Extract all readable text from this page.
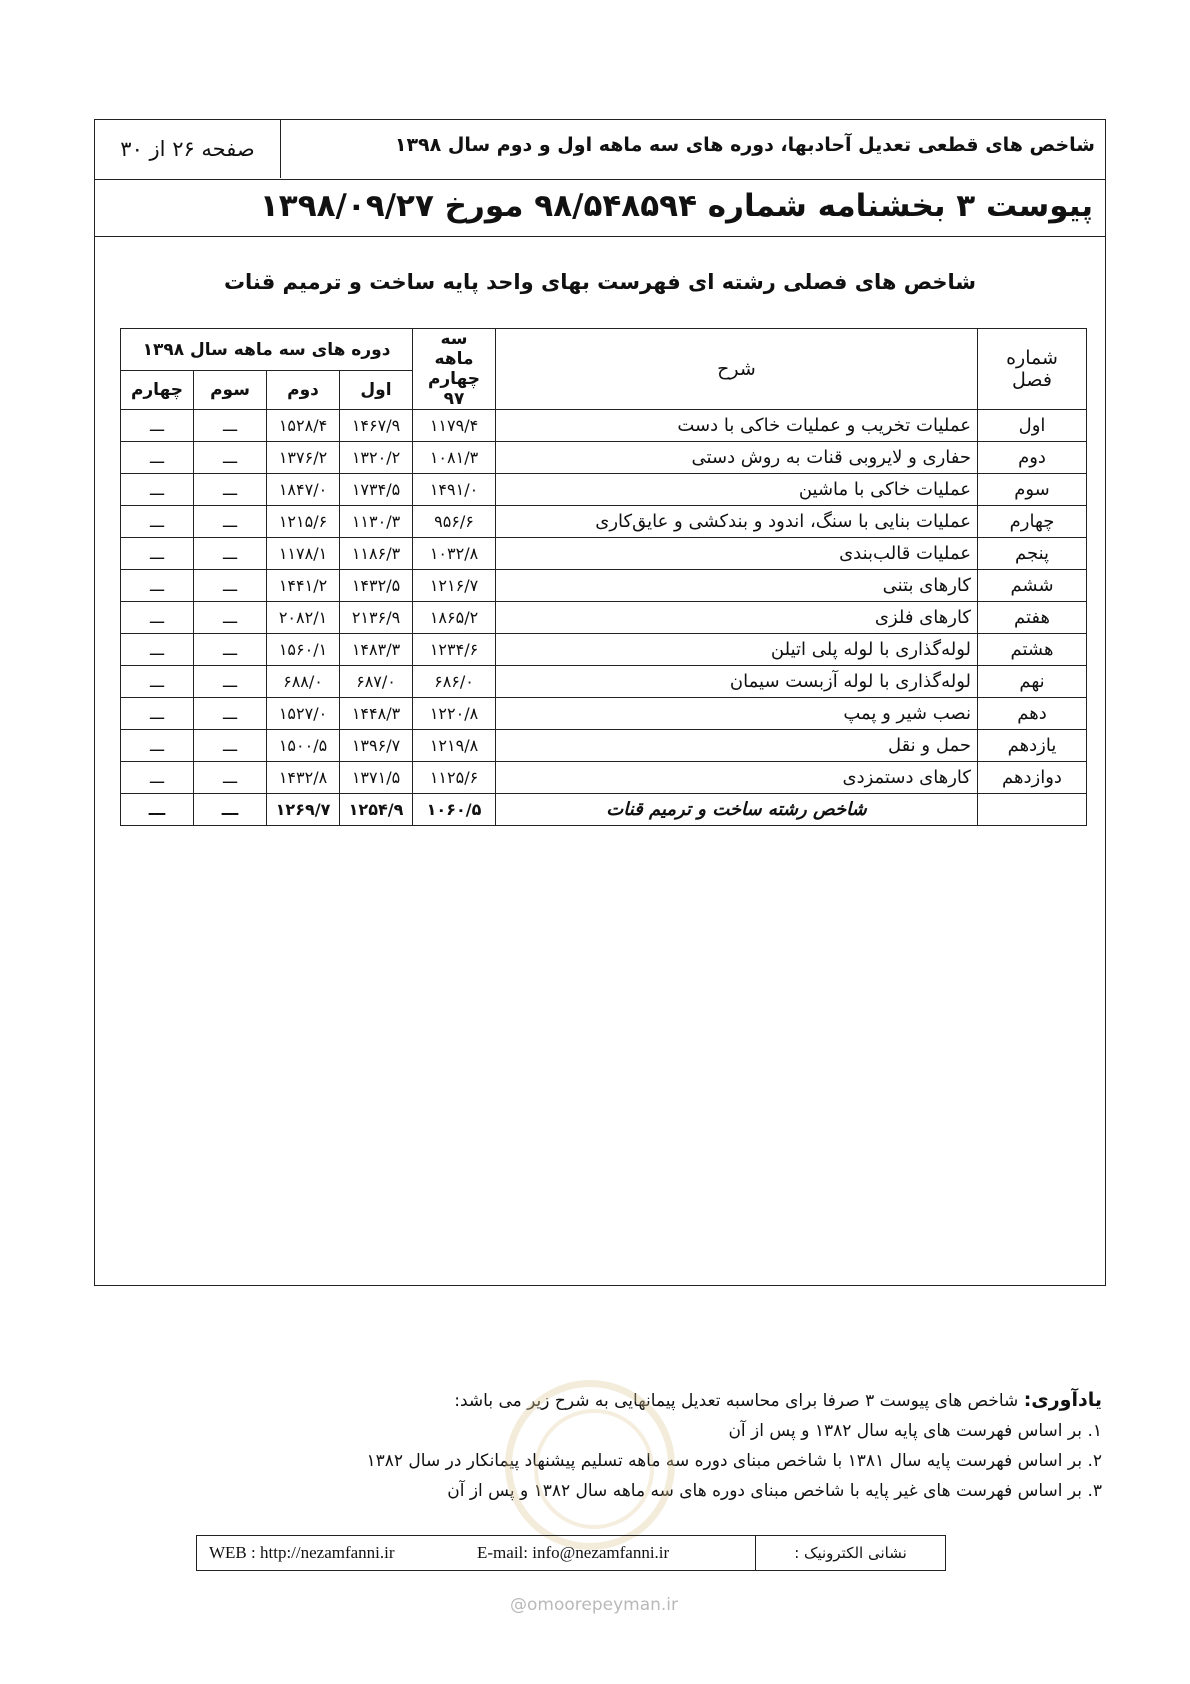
شاخص های قطعی تعدیل آحادبها، دوره های سه ماهه اول و دوم سال ۱۳۹۸
صفحه ۲۶ از ۳۰
پیوست ۳ بخشنامه شماره ۹۸/۵۴۸۵۹۴ مورخ ۱۳۹۸/۰۹/۲۷
شاخص های فصلی رشته ای فهرست بهای واحد پایه ساخت و ترمیم قنات
شماره فصل	شرح	سه ماهه چهارم ۹۷	دوره های سه ماهه سال ۱۳۹۸			
			اول	دوم	سوم	چهارم
اول	عملیات تخریب و عملیات خاکی با دست	۱۱۷۹/۴	۱۴۶۷/۹	۱۵۲۸/۴	ـــ	ـــ
دوم	حفاری و لایروبی قنات به روش دستی	۱۰۸۱/۳	۱۳۲۰/۲	۱۳۷۶/۲	ـــ	ـــ
سوم	عملیات خاکی با ماشین	۱۴۹۱/۰	۱۷۳۴/۵	۱۸۴۷/۰	ـــ	ـــ
چهارم	عملیات بنایی با سنگ، اندود و بندکشی و عایق‌کاری	۹۵۶/۶	۱۱۳۰/۳	۱۲۱۵/۶	ـــ	ـــ
پنجم	عملیات قالب‌بندی	۱۰۳۲/۸	۱۱۸۶/۳	۱۱۷۸/۱	ـــ	ـــ
ششم	کارهای بتنی	۱۲۱۶/۷	۱۴۳۲/۵	۱۴۴۱/۲	ـــ	ـــ
هفتم	کارهای فلزی	۱۸۶۵/۲	۲۱۳۶/۹	۲۰۸۲/۱	ـــ	ـــ
هشتم	لوله‌گذاری با لوله پلی اتیلن	۱۲۳۴/۶	۱۴۸۳/۳	۱۵۶۰/۱	ـــ	ـــ
نهم	لوله‌گذاری با لوله آزبست سیمان	۶۸۶/۰	۶۸۷/۰	۶۸۸/۰	ـــ	ـــ
دهم	نصب شیر و پمپ	۱۲۲۰/۸	۱۴۴۸/۳	۱۵۲۷/۰	ـــ	ـــ
یازدهم	حمل و نقل	۱۲۱۹/۸	۱۳۹۶/۷	۱۵۰۰/۵	ـــ	ـــ
دوازدهم	کارهای دستمزدی	۱۱۲۵/۶	۱۳۷۱/۵	۱۴۳۲/۸	ـــ	ـــ
	شاخص رشته ساخت و ترمیم قنات	۱۰۶۰/۵	۱۲۵۴/۹	۱۲۶۹/۷	ـــ	ـــ
یادآوری: شاخص های پیوست ۳ صرفا برای محاسبه تعدیل پیمانهایی به شرح زیر می باشد:
۱. بر اساس فهرست های پایه سال ۱۳۸۲ و پس از آن
۲. بر اساس فهرست پایه سال ۱۳۸۱ با شاخص مبنای دوره سه ماهه تسلیم پیشنهاد پیمانکار در سال ۱۳۸۲
۳. بر اساس فهرست های غیر پایه با شاخص مبنای دوره های سه ماهه سال ۱۳۸۲ و پس از آن
نشانی الکترونیک :
E-mail: info@nezamfanni.ir
WEB : http://nezamfanni.ir
@omoorepeyman.ir
